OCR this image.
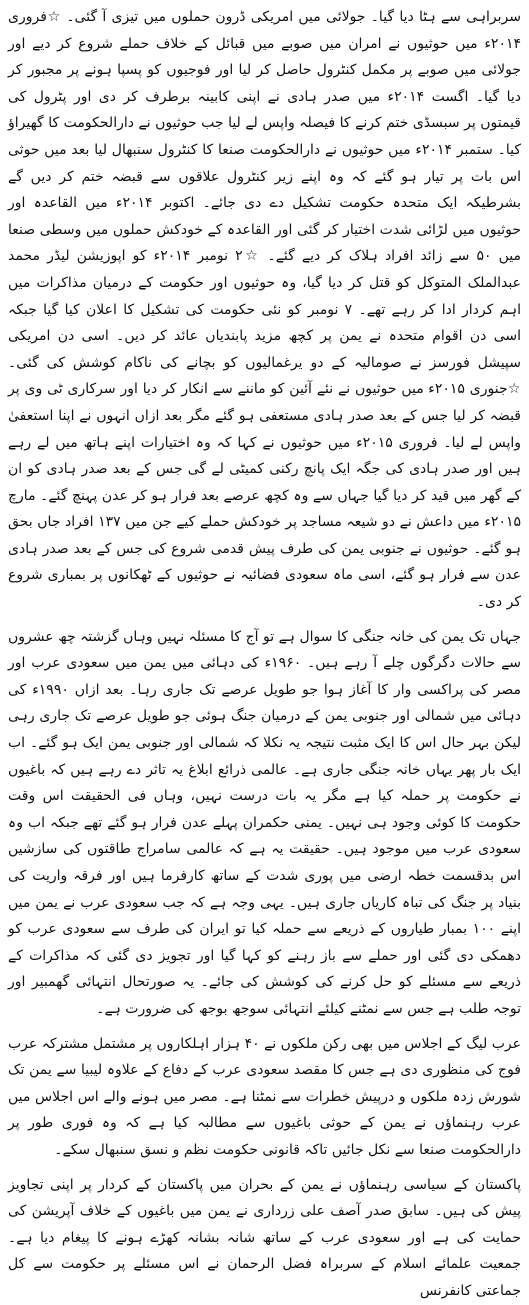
سربراہی سے ہٹا دیا گیا۔ جولائی میں امریکی ڈرون حملوں میں تیزی آ گئی۔ ☆فروری ۲۰۱۴ء میں حوثیوں نے امران میں صوبے میں قبائل کے خلاف حملے شروع کر دیے اور جولائی میں صوبے پر مکمل کنٹرول حاصل کر لیا اور فوجیوں کو پسپا ہونے پر مجبور کر دیا گیا۔ اگست ۲۰۱۴ء میں صدر ہادی نے اپنی کابینہ برطرف کر دی اور پٹرول کی قیمتوں پر سبسڈی ختم کرنے کا فیصلہ واپس لے لیا جب حوثیوں نے دارالحکومت کا گھیراؤ کیا۔ ستمبر ۲۰۱۴ء میں حوثیوں نے دارالحکومت صنعا کا کنٹرول سنبھال لیا بعد میں حوثی اس بات پر تیار ہو گئے کہ وہ اپنے زیر کنٹرول علاقوں سے قبضہ ختم کر دیں گے بشرطیکہ ایک متحدہ حکومت تشکیل دے دی جائے۔ اکتوبر ۲۰۱۴ء میں القاعدہ اور حوثیوں میں لڑائی شدت اختیار کر گئی اور القاعدہ کے خودکش حملوں میں وسطی صنعا میں ۵۰ سے زائد افراد ہلاک کر دیے گئے۔ ☆۲ نومبر ۲۰۱۴ء کو اپوزیشن لیڈر محمد عبدالملک المتوکل کو قتل کر دیا گیا، وہ حوثیوں اور حکومت کے درمیان مذاکرات میں اہم کردار ادا کر رہے تھے۔ ۷ نومبر کو نئی حکومت کی تشکیل کا اعلان کیا گیا جبکہ اسی دن اقوام متحدہ نے یمن پر کچھ مزید پابندیاں عائد کر دیں۔ اسی دن امریکی سپیشل فورسز نے صومالیہ کے دو یرغمالیوں کو بچانے کی ناکام کوشش کی گئی۔ ☆جنوری ۲۰۱۵ء میں حوثیوں نے نئے آئین کو ماننے سے انکار کر دیا اور سرکاری ٹی وی پر قبضہ کر لیا جس کے بعد صدر ہادی مستعفی ہو گئے مگر بعد ازاں انہوں نے اپنا استعفیٰ واپس لے لیا۔ فروری ۲۰۱۵ء میں حوثیوں نے کہا کہ وہ اختیارات اپنے ہاتھ میں لے رہے ہیں اور صدر ہادی کی جگہ ایک پانچ رکنی کمیٹی لے گی جس کے بعد صدر ہادی کو ان کے گھر میں قید کر دیا گیا جہاں سے وہ کچھ عرصے بعد فرار ہو کر عدن پہنچ گئے۔ مارچ ۲۰۱۵ء میں داعش نے دو شیعہ مساجد پر خودکش حملے کیے جن میں ۱۳۷ افراد جاں بحق ہو گئے۔ حوثیوں نے جنوبی یمن کی طرف پیش قدمی شروع کی جس کے بعد صدر ہادی عدن سے فرار ہو گئے، اسی ماہ سعودی فضائیہ نے حوثیوں کے ٹھکانوں پر بمباری شروع کر دی۔

جہاں تک یمن کی خانہ جنگی کا سوال ہے تو آج کا مسئلہ نہیں وہاں گزشتہ چھ عشروں سے حالات دگرگوں چلے آ رہے ہیں۔ ۱۹۶۰ء کی دہائی میں یمن میں سعودی عرب اور مصر کی پراکسی وار کا آغاز ہوا جو طویل عرصے تک جاری رہا۔ بعد ازاں ۱۹۹۰ء کی دہائی میں شمالی اور جنوبی یمن کے درمیان جنگ ہوئی جو طویل عرصے تک جاری رہی لیکن بہر حال اس کا ایک مثبت نتیجہ یہ نکلا کہ شمالی اور جنوبی یمن ایک ہو گئے۔ اب ایک بار پھر یہاں خانہ جنگی جاری ہے۔ عالمی ذرائع ابلاغ یہ تاثر دے رہے ہیں کہ باغیوں نے حکومت پر حملہ کیا ہے مگر یہ بات درست نہیں، وہاں فی الحقیقت اس وقت حکومت کا کوئی وجود ہی نہیں۔ یمنی حکمران پہلے عدن فرار ہو گئے تھے جبکہ اب وہ سعودی عرب میں موجود ہیں۔ حقیقت یہ ہے کہ عالمی سامراج طاقتوں کی سازشیں اس بدقسمت خطہ ارضی میں پوری شدت کے ساتھ کارفرما ہیں اور فرقہ واریت کی بنیاد پر جنگ کی تباہ کاریاں جاری ہیں۔ یہی وجہ ہے کہ جب سعودی عرب نے یمن میں اپنے ۱۰۰ بمبار طیاروں کے ذریعے سے حملہ کیا تو ایران کی طرف سے سعودی عرب کو دھمکی دی گئی اور حملے سے باز رہنے کو کہا گیا اور تجویز دی گئی کہ مذاکرات کے ذریعے سے مسئلے کو حل کرنے کی کوشش کی جائے۔ یہ صورتحال انتہائی گھمبیر اور توجہ طلب ہے جس سے نمٹنے کیلئے انتہائی سوجھ بوجھ کی ضرورت ہے۔

عرب لیگ کے اجلاس میں بھی رکن ملکوں نے ۴۰ ہزار اہلکاروں پر مشتمل مشترکہ عرب فوج کی منظوری دی ہے جس کا مقصد سعودی عرب کے دفاع کے علاوہ لیبیا سے یمن تک شورش زدہ ملکوں و درپیش خطرات سے نمٹنا ہے۔ مصر میں ہونے والے اس اجلاس میں عرب رہنماؤں نے یمن کے حوثی باغیوں سے مطالبہ کیا ہے کہ وہ فوری طور پر دارالحکومت صنعا سے نکل جائیں تاکہ قانونی حکومت نظم و نسق سنبھال سکے۔

پاکستان کے سیاسی رہنماؤں نے یمن کے بحران میں پاکستان کے کردار پر اپنی تجاویز پیش کی ہیں۔ سابق صدر آصف علی زرداری نے یمن میں باغیوں کے خلاف آپریشن کی حمایت کی ہے اور سعودی عرب کے ساتھ شانہ بشانہ کھڑے ہونے کا پیغام دیا ہے۔ جمعیت علمائے اسلام کے سربراہ فضل الرحمان نے اس مسئلے پر حکومت سے کل جماعتی کانفرنس
